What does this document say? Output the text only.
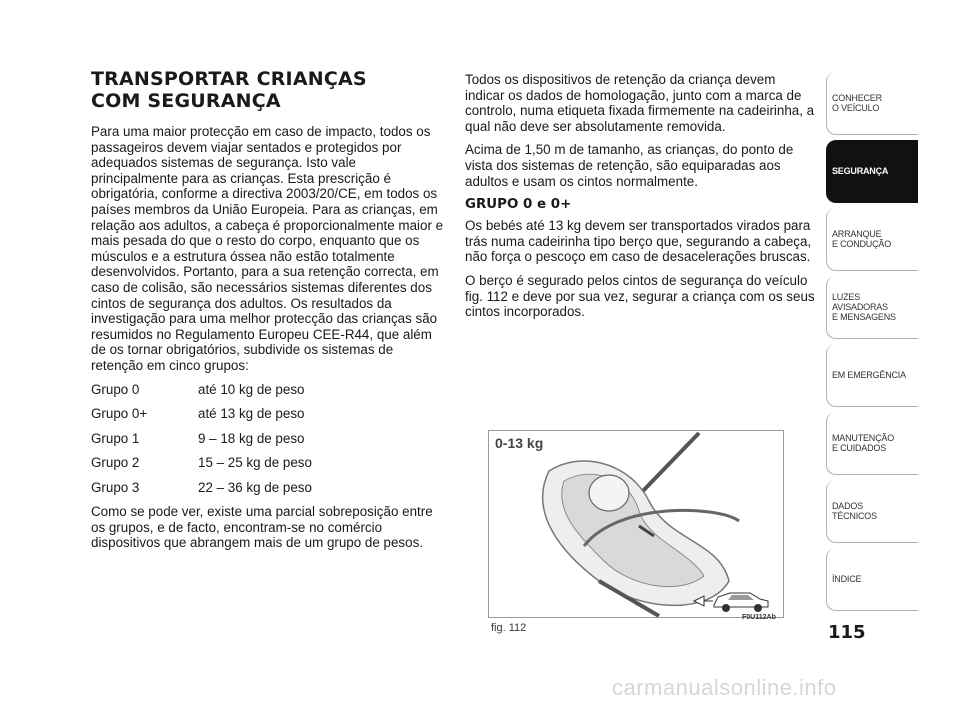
TRANSPORTAR CRIANÇAS
COM SEGURANÇA

Para uma maior protecção em caso de impacto, todos os passageiros devem viajar sentados e protegidos por adequados sistemas de segurança. Isto vale principalmente para as crianças. Esta prescrição é obrigatória, conforme a directiva 2003/20/CE, em todos os países membros da União Europeia. Para as crianças, em relação aos adultos, a cabeça é proporcionalmente maior e mais pesada do que o resto do corpo, enquanto que os músculos e a estrutura óssea não estão totalmente desenvolvidos. Portanto, para a sua retenção correcta, em caso de colisão, são necessários sistemas diferentes dos cintos de segurança dos adultos. Os resultados da investigação para uma melhor protecção das crianças são resumidos no Regulamento Europeu CEE-R44, que além de os tornar obrigatórios, subdivide os sistemas de retenção em cinco grupos:

Grupo 0	até 10 kg de peso
Grupo 0+	até 13 kg de peso
Grupo 1	9 – 18 kg de peso
Grupo 2	15 – 25 kg de peso
Grupo 3	22 – 36 kg de peso

Como se pode ver, existe uma parcial sobreposição entre os grupos, e de facto, encontram-se no comércio dispositivos que abrangem mais de um grupo de pesos.

Todos os dispositivos de retenção da criança devem indicar os dados de homologação, junto com a marca de controlo, numa etiqueta fixada firmemente na cadeirinha, a qual não deve ser absolutamente removida.

Acima de 1,50 m de tamanho, as crianças, do ponto de vista dos sistemas de retenção, são equiparadas aos adultos e usam os cintos normalmente.

GRUPO 0 e 0+

Os bebés até 13 kg devem ser transportados virados para trás numa cadeirinha tipo berço que, segurando a cabeça, não força o pescoço em caso de desacelerações bruscas.

O berço é segurado pelos cintos de segurança do veículo fig. 112 e deve por sua vez, segurar a criança com os seus cintos incorporados.

0-13 kg
F0U112Ab
fig. 112
CONHECER
O VEÍCULO
SEGURANÇA
ARRANQUE
E CONDUÇÃO
LUZES
AVISADORAS
E MENSAGENS
EM EMERGÊNCIA
MANUTENÇÃO
E CUIDADOS
DADOS
TÉCNICOS
ÍNDICE
115
carmanualsonline.info
